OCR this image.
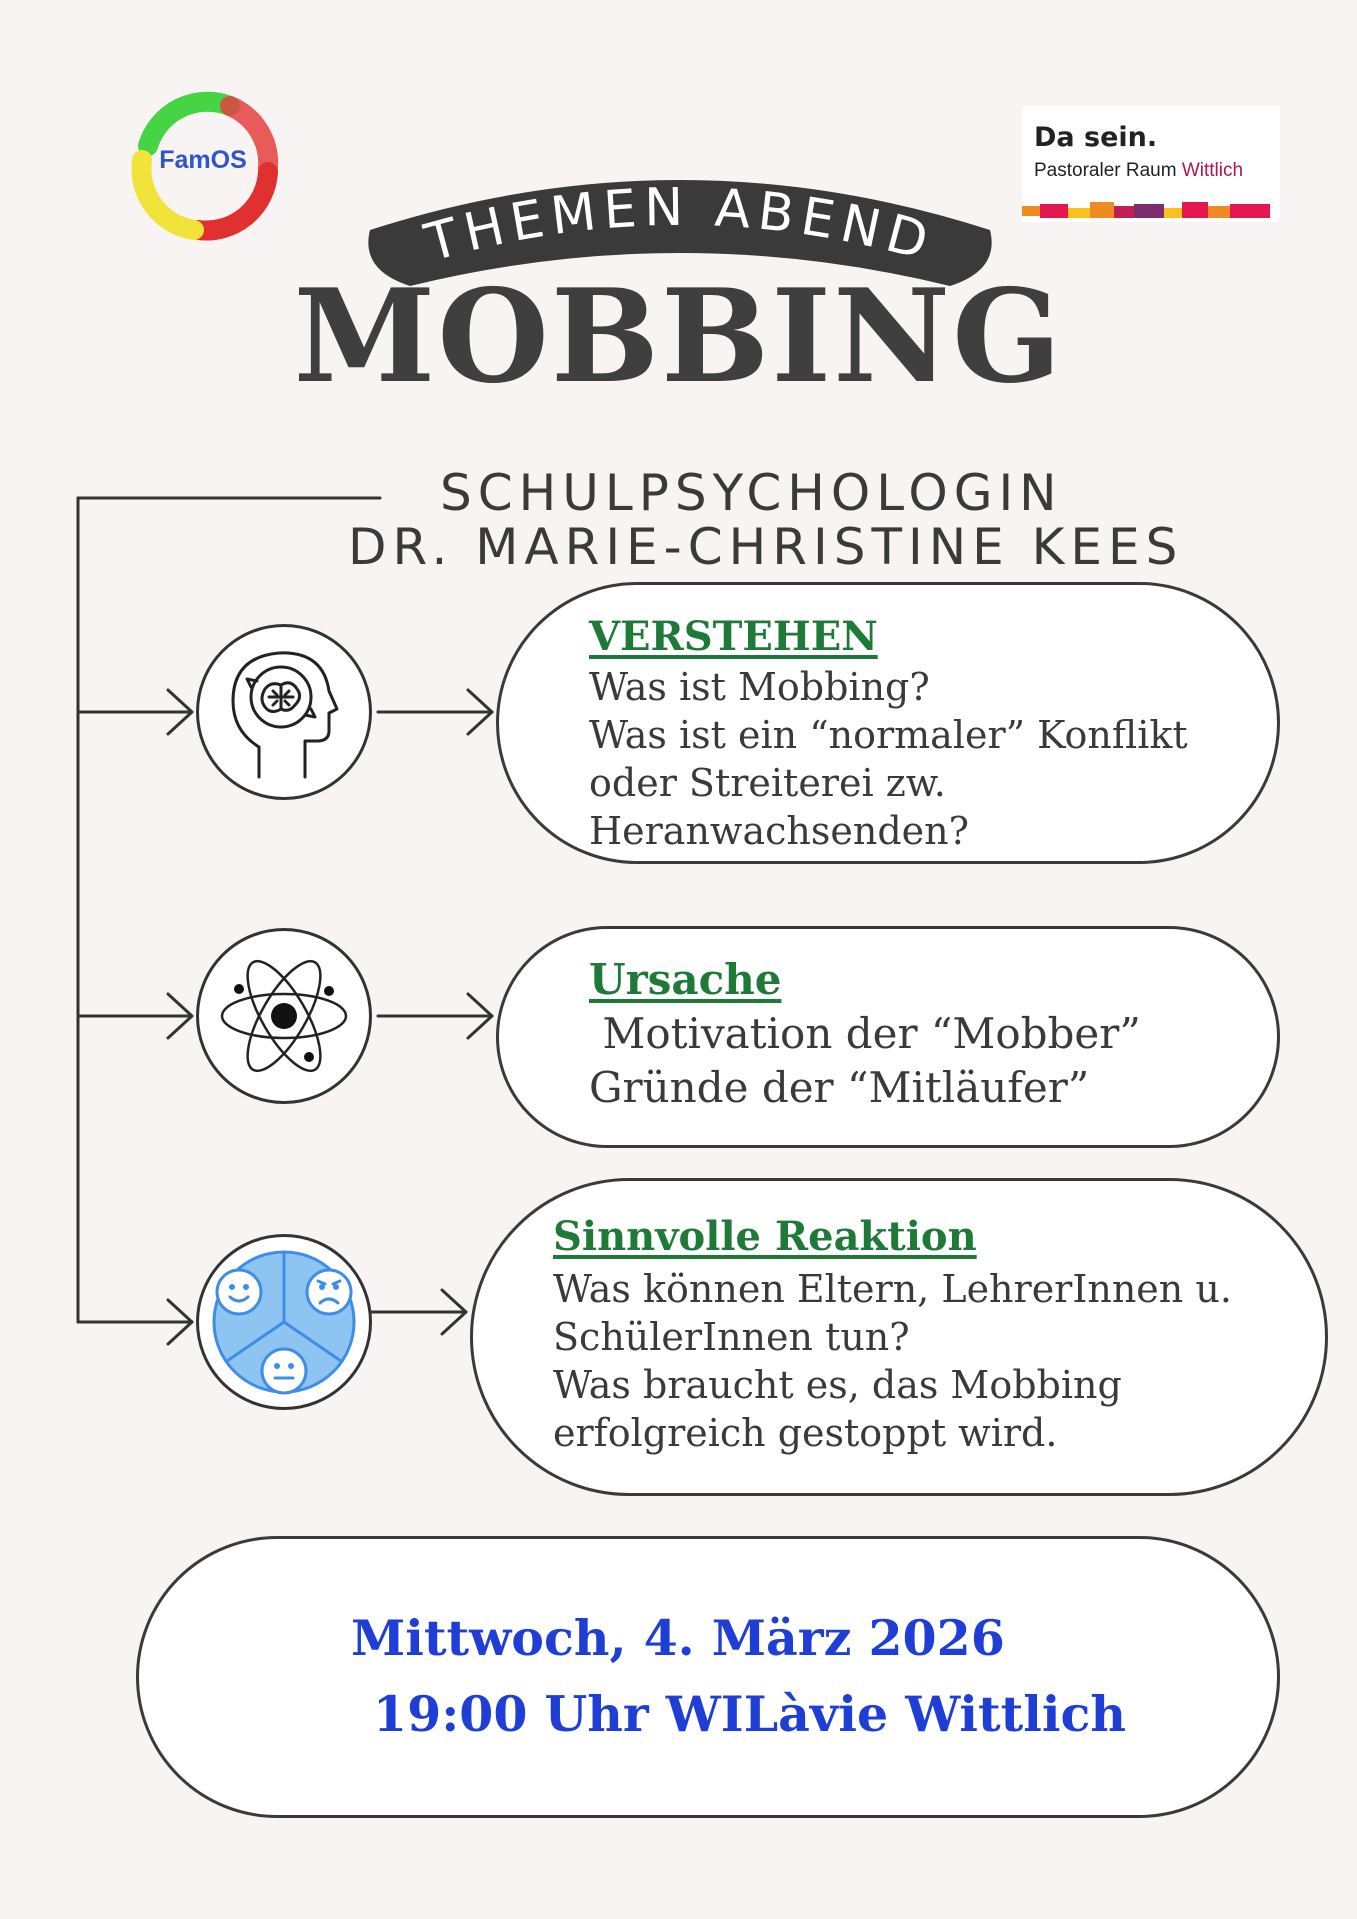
FamOS
Da sein.
Pastoraler Raum Wittlich
THEMEN ABEND
MOBBING
SCHULPSYCHOLOGIN
DR. MARIE-CHRISTINE KEES
VERSTEHEN
Was ist Mobbing?
Was ist ein “normaler” Konflikt
oder Streiterei zw.
Heranwachsenden?
Ursache
Motivation der “Mobber”
Gründe der “Mitläufer”
Sinnvolle Reaktion
Was können Eltern, LehrerInnen u.
SchülerInnen tun?
Was braucht es, das Mobbing
erfolgreich gestoppt wird.
Mittwoch, 4. März 2026
19:00 Uhr WILàvie Wittlich
